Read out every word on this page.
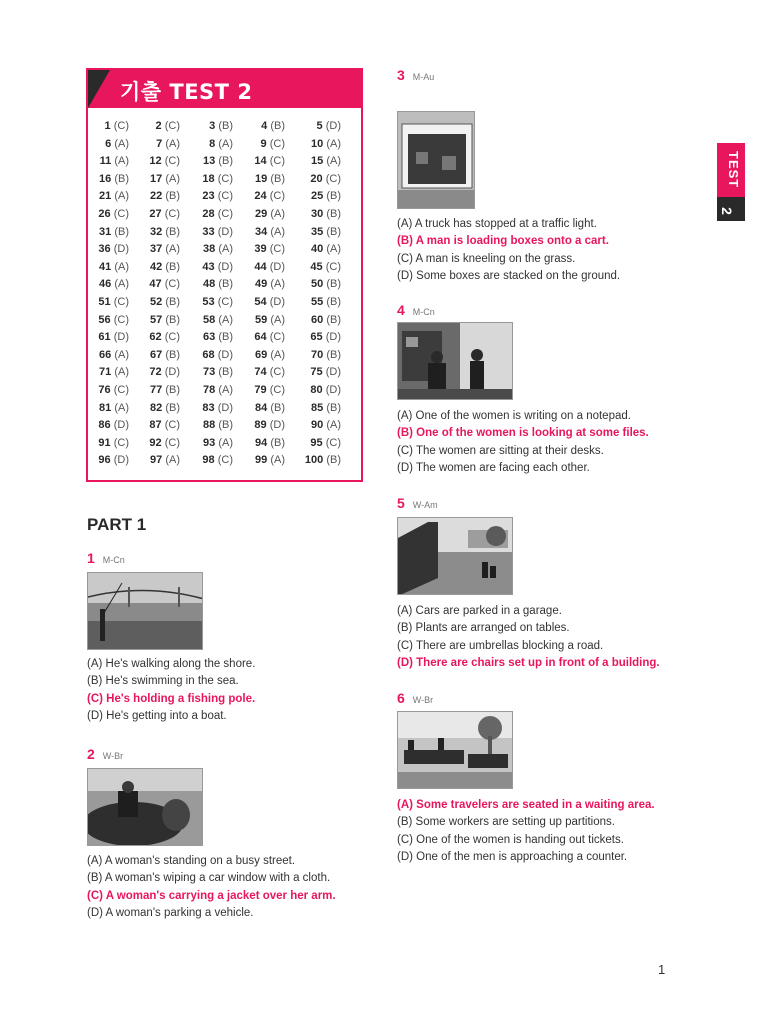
기출 TEST 2
1 (C)	2 (C)	3 (B)	4 (B)	5 (D)
6 (A)	7 (A)	8 (A)	9 (C)	10 (A)
11 (A)	12 (C)	13 (B)	14 (C)	15 (A)
16 (B)	17 (A)	18 (C)	19 (B)	20 (C)
21 (A)	22 (B)	23 (C)	24 (C)	25 (B)
26 (C)	27 (C)	28 (C)	29 (A)	30 (B)
31 (B)	32 (B)	33 (D)	34 (A)	35 (B)
36 (D)	37 (A)	38 (A)	39 (C)	40 (A)
41 (A)	42 (B)	43 (D)	44 (D)	45 (C)
46 (A)	47 (C)	48 (B)	49 (A)	50 (B)
51 (C)	52 (B)	53 (C)	54 (D)	55 (B)
56 (C)	57 (B)	58 (A)	59 (A)	60 (B)
61 (D)	62 (C)	63 (B)	64 (C)	65 (D)
66 (A)	67 (B)	68 (D)	69 (A)	70 (B)
71 (A)	72 (D)	73 (B)	74 (C)	75 (D)
76 (C)	77 (B)	78 (A)	79 (C)	80 (D)
81 (A)	82 (B)	83 (D)	84 (B)	85 (B)
86 (D)	87 (C)	88 (B)	89 (D)	90 (A)
91 (C)	92 (C)	93 (A)	94 (B)	95 (C)
96 (D)	97 (A)	98 (C)	99 (A)	100 (B)
TEST
2
PART 1
1 M-Cn
(A) He's walking along the shore.
(B) He's swimming in the sea.
(C) He's holding a fishing pole.
(D) He's getting into a boat.
2 W-Br
(A) A woman's standing on a busy street.
(B) A woman's wiping a car window with a cloth.
(C) A woman's carrying a jacket over her arm.
(D) A woman's parking a vehicle.
3 M-Au
(A) A truck has stopped at a traffic light.
(B) A man is loading boxes onto a cart.
(C) A man is kneeling on the grass.
(D) Some boxes are stacked on the ground.
4 M-Cn
(A) One of the women is writing on a notepad.
(B) One of the women is looking at some files.
(C) The women are sitting at their desks.
(D) The women are facing each other.
5 W-Am
(A) Cars are parked in a garage.
(B) Plants are arranged on tables.
(C) There are umbrellas blocking a road.
(D) There are chairs set up in front of a building.
6 W-Br
(A) Some travelers are seated in a waiting area.
(B) Some workers are setting up partitions.
(C) One of the women is handing out tickets.
(D) One of the men is approaching a counter.
1
